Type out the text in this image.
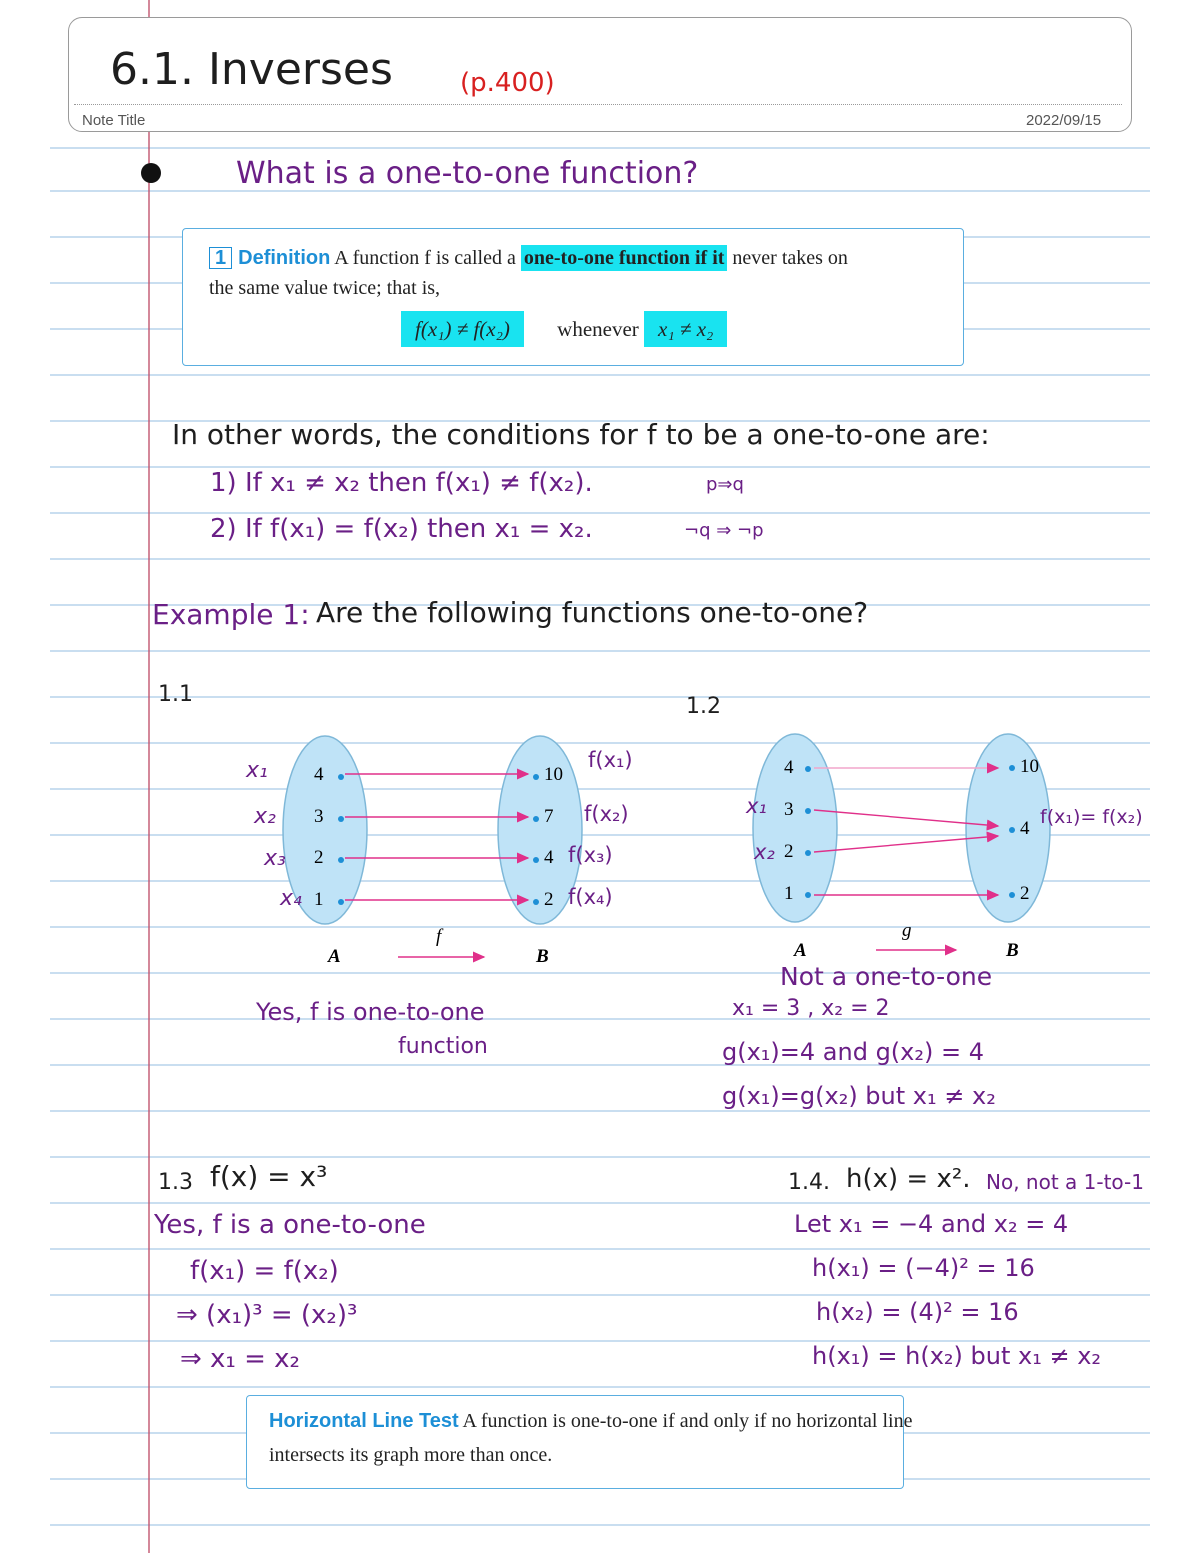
6.1. Inverses	(p.400)
Note Title	2022/09/15
What is a one-to-one function?
1 Definition A function f is called a one-to-one function if it never takes on
the same value twice; that is,
f(x₁) ≠ f(x₂) whenever x₁ ≠ x₂
In other words, the conditions for f to be a one-to-one are:
1) If x₁ ≠ x₂ then f(x₁) ≠ f(x₂).	p⇒q
2) If f(x₁) = f(x₂) then x₁ = x₂.	¬q ⇒ ¬p
Example 1: Are the following functions one-to-one?
1.1
4
3
2
1
10
7
4
2
x₁
x₂
x₃
x₄
f(x₁)
f(x₂)
f(x₃)
f(x₄)
A	B
f
Yes, f is one-to-one
function
1.2
4
3
2
1
10
4
2
x₁
x₂
f(x₁)= f(x₂)
A	B
g
Not a one-to-one
x₁ = 3 , x₂ = 2
g(x₁)=4 and g(x₂) = 4
g(x₁)=g(x₂) but x₁ ≠ x₂
1.3 f(x) = x³
Yes, f is a one-to-one
f(x₁) = f(x₂)
⇒ (x₁)³ = (x₂)³
⇒ x₁ = x₂
1.4. h(x) = x². No, not a 1-to-1
Let x₁ = −4 and x₂ = 4
h(x₁) = (−4)² = 16
h(x₂) = (4)² = 16
h(x₁) = h(x₂) but x₁ ≠ x₂
Horizontal Line Test A function is one-to-one if and only if no horizontal line
intersects its graph more than once.
